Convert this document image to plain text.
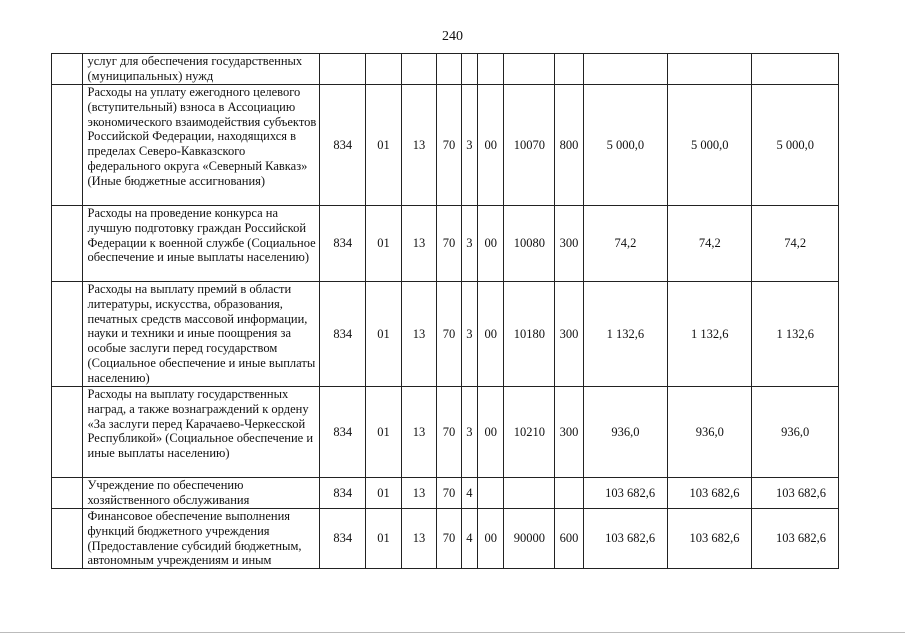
240
	услуг для обеспечения государственных (муниципальных) нужд											
	Расходы на уплату ежегодного целевого (вступительный) взноса в Ассоциацию экономического взаимодействия субъектов Российской Федерации, находящихся в пределах Северо-Кавказского федерального округа «Северный Кавказ» (Иные бюджетные ассигнования)	834	01	13	70	3	00	10070	800	5 000,0	5 000,0	5 000,0
	Расходы на проведение конкурса на лучшую подготовку граждан Российской Федерации к военной службе (Социальное обеспечение и иные выплаты населению)	834	01	13	70	3	00	10080	300	74,2	74,2	74,2
	Расходы на выплату премий в области литературы, искусства, образования, печатных средств массовой информации, науки и техники и иные поощрения за особые заслуги перед государством (Социальное обеспечение и иные выплаты населению)	834	01	13	70	3	00	10180	300	1 132,6	1 132,6	1 132,6
	Расходы на выплату государственных наград, а также вознаграждений к ордену «За заслуги перед Карачаево-Черкесской Республикой» (Социальное обеспечение и иные выплаты населению)	834	01	13	70	3	00	10210	300	936,0	936,0	936,0
	Учреждение по обеспечению хозяйственного обслуживания	834	01	13	70	4				103 682,6	103 682,6	103 682,6
	Финансовое обеспечение выполнения функций бюджетного учреждения (Предоставление субсидий бюджетным, автономным учреждениям и иным	834	01	13	70	4	00	90000	600	103 682,6	103 682,6	103 682,6
